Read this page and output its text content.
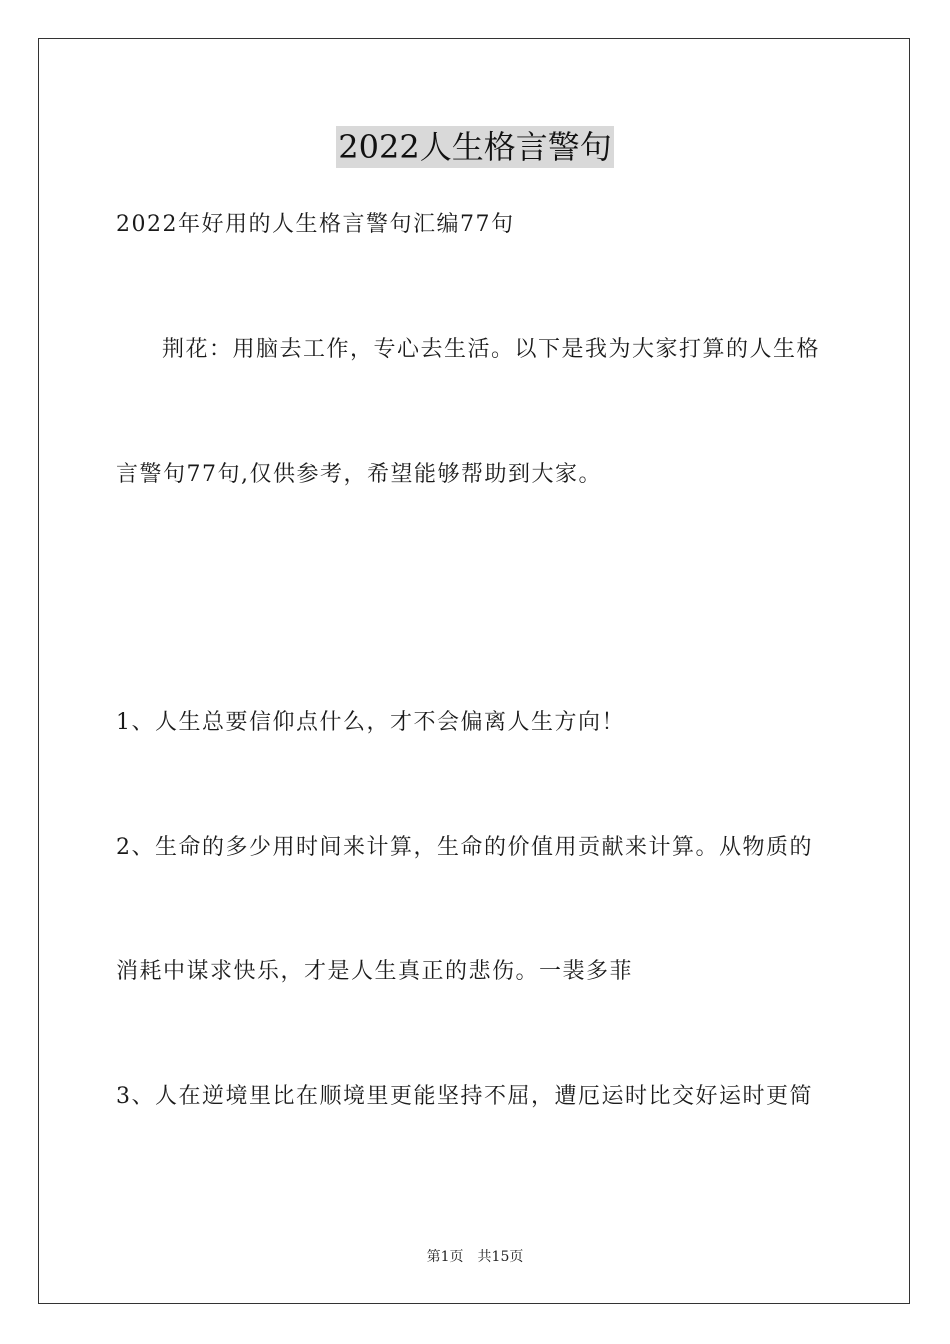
2022人生格言警句
2022年好用的人生格言警句汇编77句
荆花：用脑去工作，专心去生活。以下是我为大家打算的人生格
言警句77句,仅供参考，希望能够帮助到大家。
1、人生总要信仰点什么，才不会偏离人生方向！
2、生命的多少用时间来计算，生命的价值用贡献来计算。从物质的
消耗中谋求快乐，才是人生真正的悲伤。一裴多菲
3、人在逆境里比在顺境里更能坚持不屈，遭厄运时比交好运时更简
第1页 共15页
